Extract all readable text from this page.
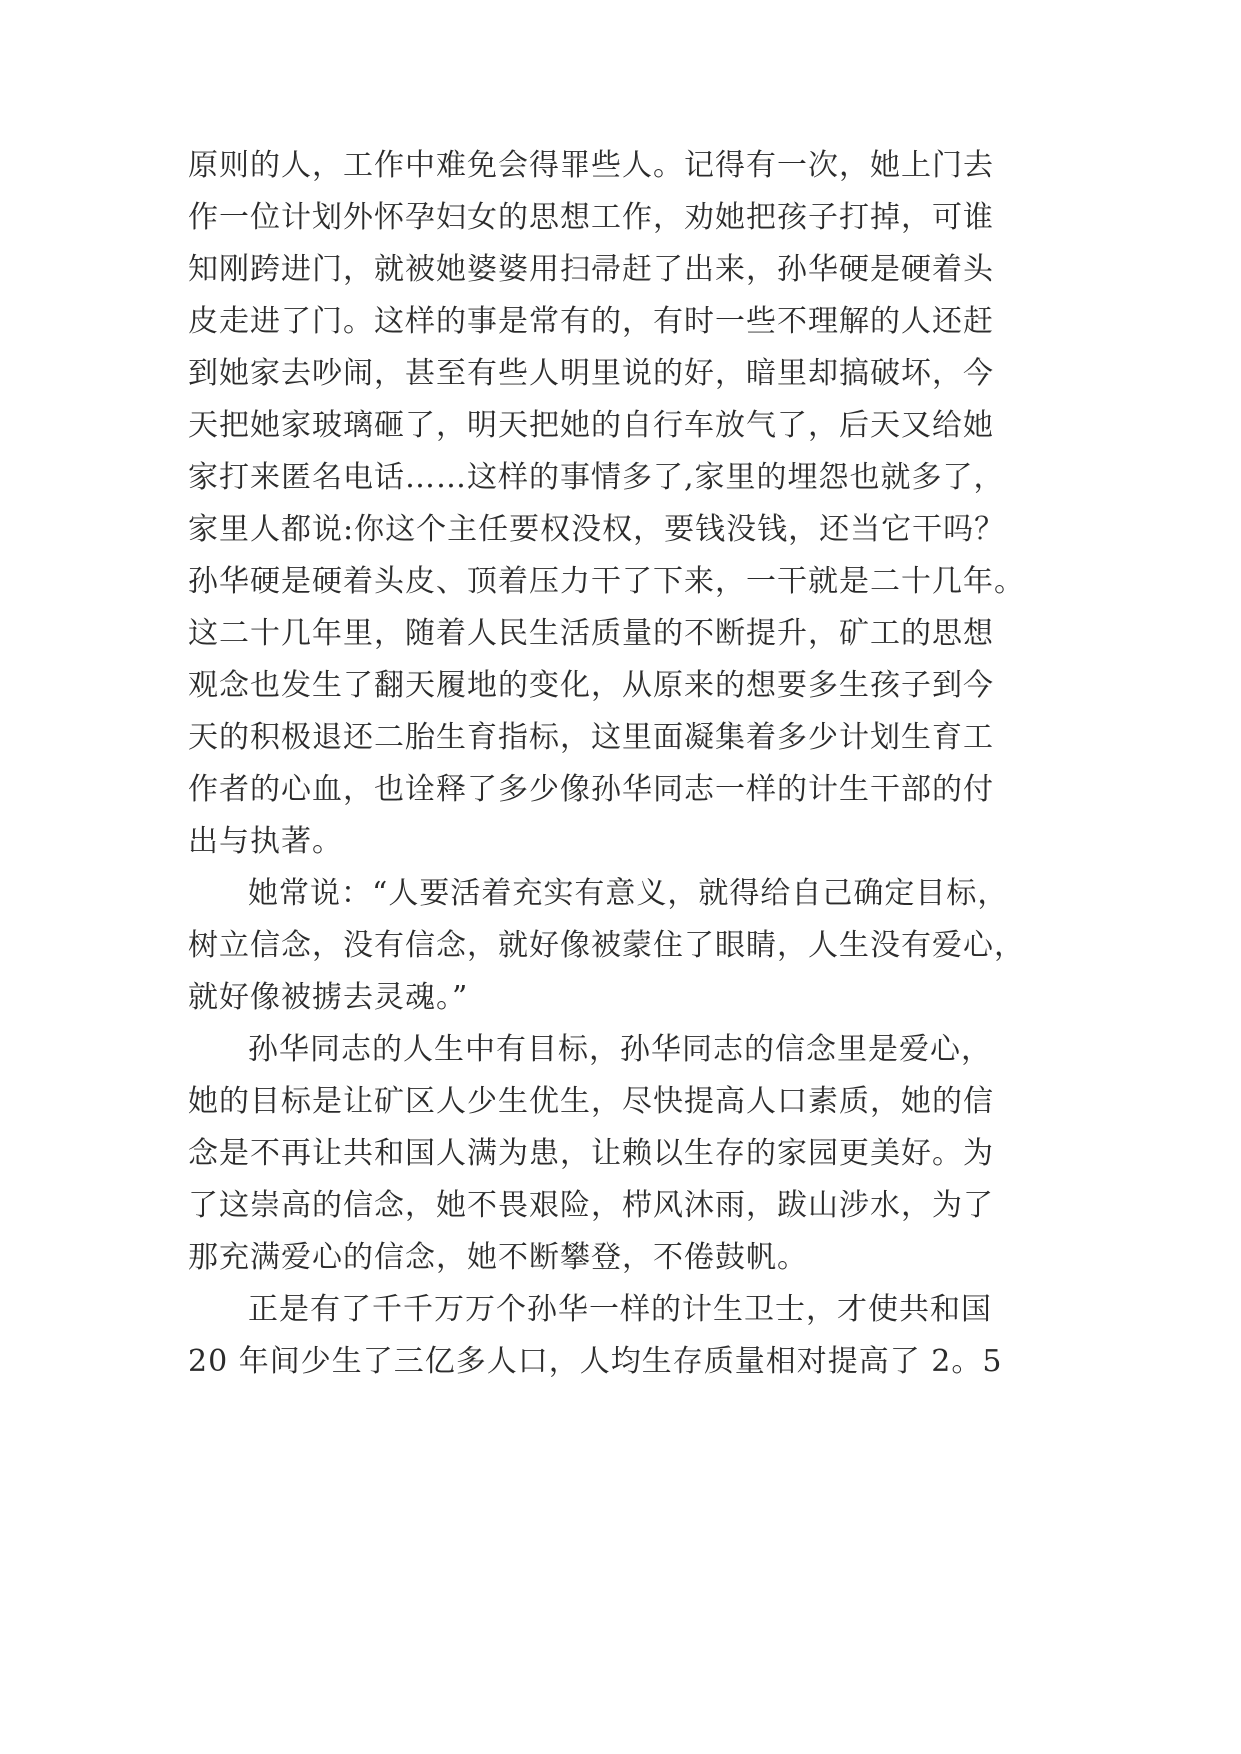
原则的人，工作中难免会得罪些人。记得有一次，她上门去
作一位计划外怀孕妇女的思想工作，劝她把孩子打掉，可谁
知刚跨进门，就被她婆婆用扫帚赶了出来，孙华硬是硬着头
皮走进了门。这样的事是常有的，有时一些不理解的人还赶
到她家去吵闹，甚至有些人明里说的好，暗里却搞破坏，今
天把她家玻璃砸了，明天把她的自行车放气了，后天又给她
家打来匿名电话……这样的事情多了,家里的埋怨也就多了，
家里人都说:你这个主任要权没权，要钱没钱，还当它干吗？
孙华硬是硬着头皮、顶着压力干了下来，一干就是二十几年。
这二十几年里，随着人民生活质量的不断提升，矿工的思想
观念也发生了翻天履地的变化，从原来的想要多生孩子到今
天的积极退还二胎生育指标，这里面凝集着多少计划生育工
作者的心血，也诠释了多少像孙华同志一样的计生干部的付
出与执著。
她常说：“人要活着充实有意义，就得给自己确定目标，
树立信念，没有信念，就好像被蒙住了眼睛，人生没有爱心，
就好像被掳去灵魂。”
孙华同志的人生中有目标，孙华同志的信念里是爱心，
她的目标是让矿区人少生优生，尽快提高人口素质，她的信
念是不再让共和国人满为患，让赖以生存的家园更美好。为
了这崇高的信念，她不畏艰险，栉风沐雨，跋山涉水，为了
那充满爱心的信念，她不断攀登，不倦鼓帆。
正是有了千千万万个孙华一样的计生卫士，才使共和国
20 年间少生了三亿多人口，人均生存质量相对提高了 2。5
